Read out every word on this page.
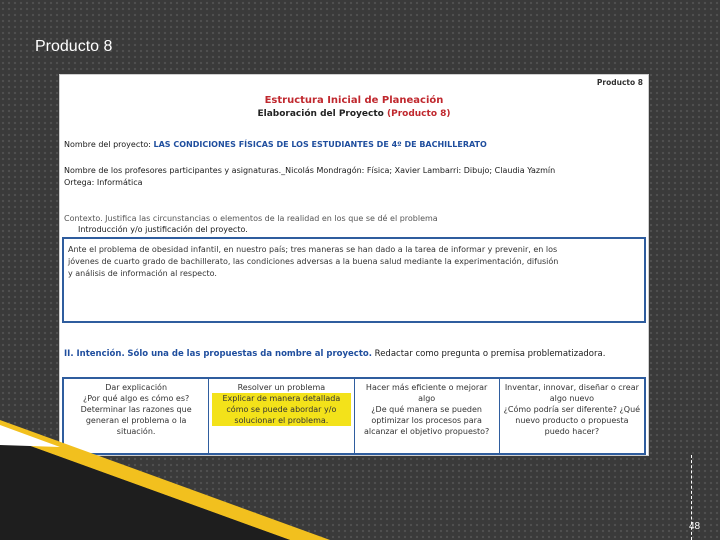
Producto 8
Producto 8
Estructura Inicial de Planeación
Elaboración del Proyecto (Producto 8)
Nombre del proyecto: LAS CONDICIONES FÍSICAS DE LOS ESTUDIANTES DE 4º DE BACHILLERATO
Nombre de los profesores participantes y asignaturas._Nicolás Mondragón: Física; Xavier Lambarri: Dibujo; Claudia Yazmín
Ortega: Informática
Contexto. Justifica las circunstancias o elementos de la realidad en los que se dé el problema
Introducción y/o justificación del proyecto.
Ante el problema de obesidad infantil, en nuestro país; tres maneras se han dado a la tarea de informar y prevenir, en los
jóvenes de cuarto grado de bachillerato, las condiciones adversas a la buena salud mediante la experimentación, difusión
y análisis de información al respecto.
II. Intención. Sólo una de las propuestas da nombre al proyecto. Redactar como pregunta o premisa problematizadora.
Dar explicación
¿Por qué algo es cómo es? Determinar las razones que generan el problema o la situación.
Resolver un problema
Explicar de manera detallada cómo se puede abordar y/o solucionar el problema.
Hacer más eficiente o mejorar algo
¿De qué manera se pueden optimizar los procesos para alcanzar el objetivo propuesto?
Inventar, innovar, diseñar o crear algo nuevo
¿Cómo podría ser diferente? ¿Qué nuevo producto o propuesta puedo hacer?
48
